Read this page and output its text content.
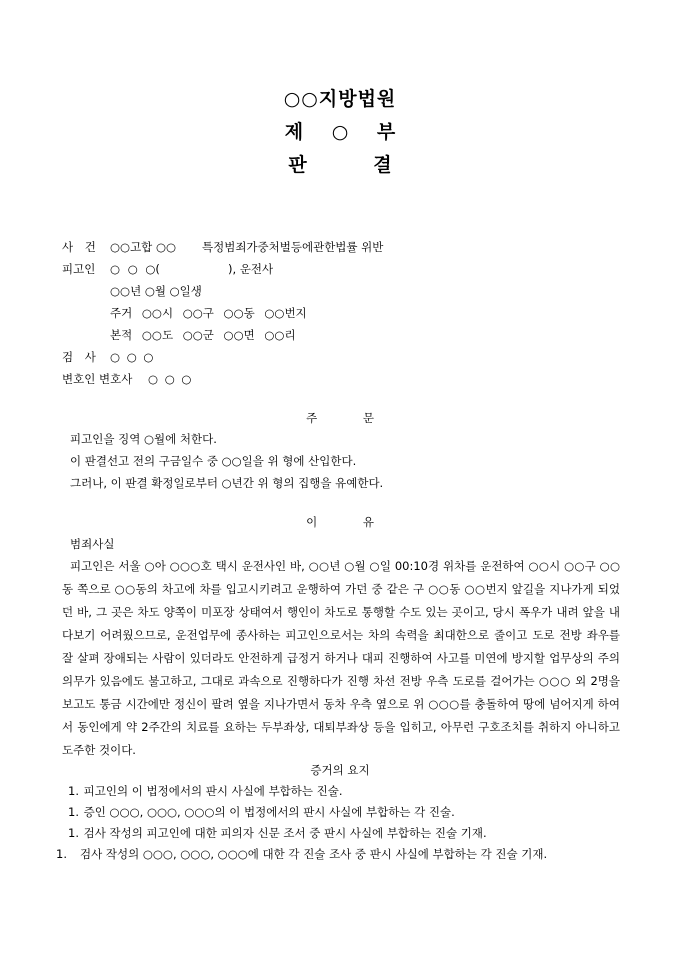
○○지방법원
제 ○ 부
판 결
사 건 ○○고합 ○○ 특정범죄가중처벌등에관한법률 위반
피고인 ○ ○ ○(	), 운전사
○○년 ○월 ○일생
주거 ○○시 ○○구 ○○동 ○○번지
본적 ○○도 ○○군 ○○면 ○○리
검 사 ○ ○ ○
변호인 변호사 ○ ○ ○
주 문
피고인을 징역 ○월에 처한다.
이 판결선고 전의 구금일수 중 ○○일을 위 형에 산입한다.
그러나, 이 판결 확정일로부터 ○년간 위 형의 집행을 유예한다.
이 유
범죄사실
피고인은 서울 ○아 ○○○호 택시 운전사인 바, ○○년 ○월 ○일 00:10경 위차를 운전하여 ○○시 ○○구 ○○동 쪽으로 ○○동의 차고에 차를 입고시키려고 운행하여 가던 중 같은 구 ○○동 ○○번지 앞길을 지나가게 되었던 바, 그 곳은 차도 양쪽이 미포장 상태여서 행인이 차도로 통행할 수도 있는 곳이고, 당시 폭우가 내려 앞을 내다보기 어려웠으므로, 운전업무에 종사하는 피고인으로서는 차의 속력을 최대한으로 줄이고 도로 전방 좌우를 잘 살펴 장애되는 사람이 있더라도 안전하게 급정거 하거나 대피 진행하여 사고를 미연에 방지할 업무상의 주의의무가 있음에도 불고하고, 그대로 과속으로 진행하다가 진행 차선 전방 우측 도로를 걸어가는 ○○○ 외 2명을 보고도 통금 시간에만 정신이 팔려 옆을 지나가면서 동차 우측 옆으로 위 ○○○를 충돌하여 땅에 넘어지게 하여서 동인에게 약 2주간의 치료를 요하는 두부좌상, 대퇴부좌상 등을 입히고, 아무런 구호조치를 취하지 아니하고 도주한 것이다.
증거의 요지
1. 피고인의 이 법정에서의 판시 사실에 부합하는 진술.
1. 증인 ○○○, ○○○, ○○○의 이 법정에서의 판시 사실에 부합하는 각 진술.
1. 검사 작성의 피고인에 대한 피의자 신문 조서 중 판시 사실에 부합하는 진술 기재.
1. 검사 작성의 ○○○, ○○○, ○○○에 대한 각 진술 조사 중 판시 사실에 부합하는 각 진술 기재.
